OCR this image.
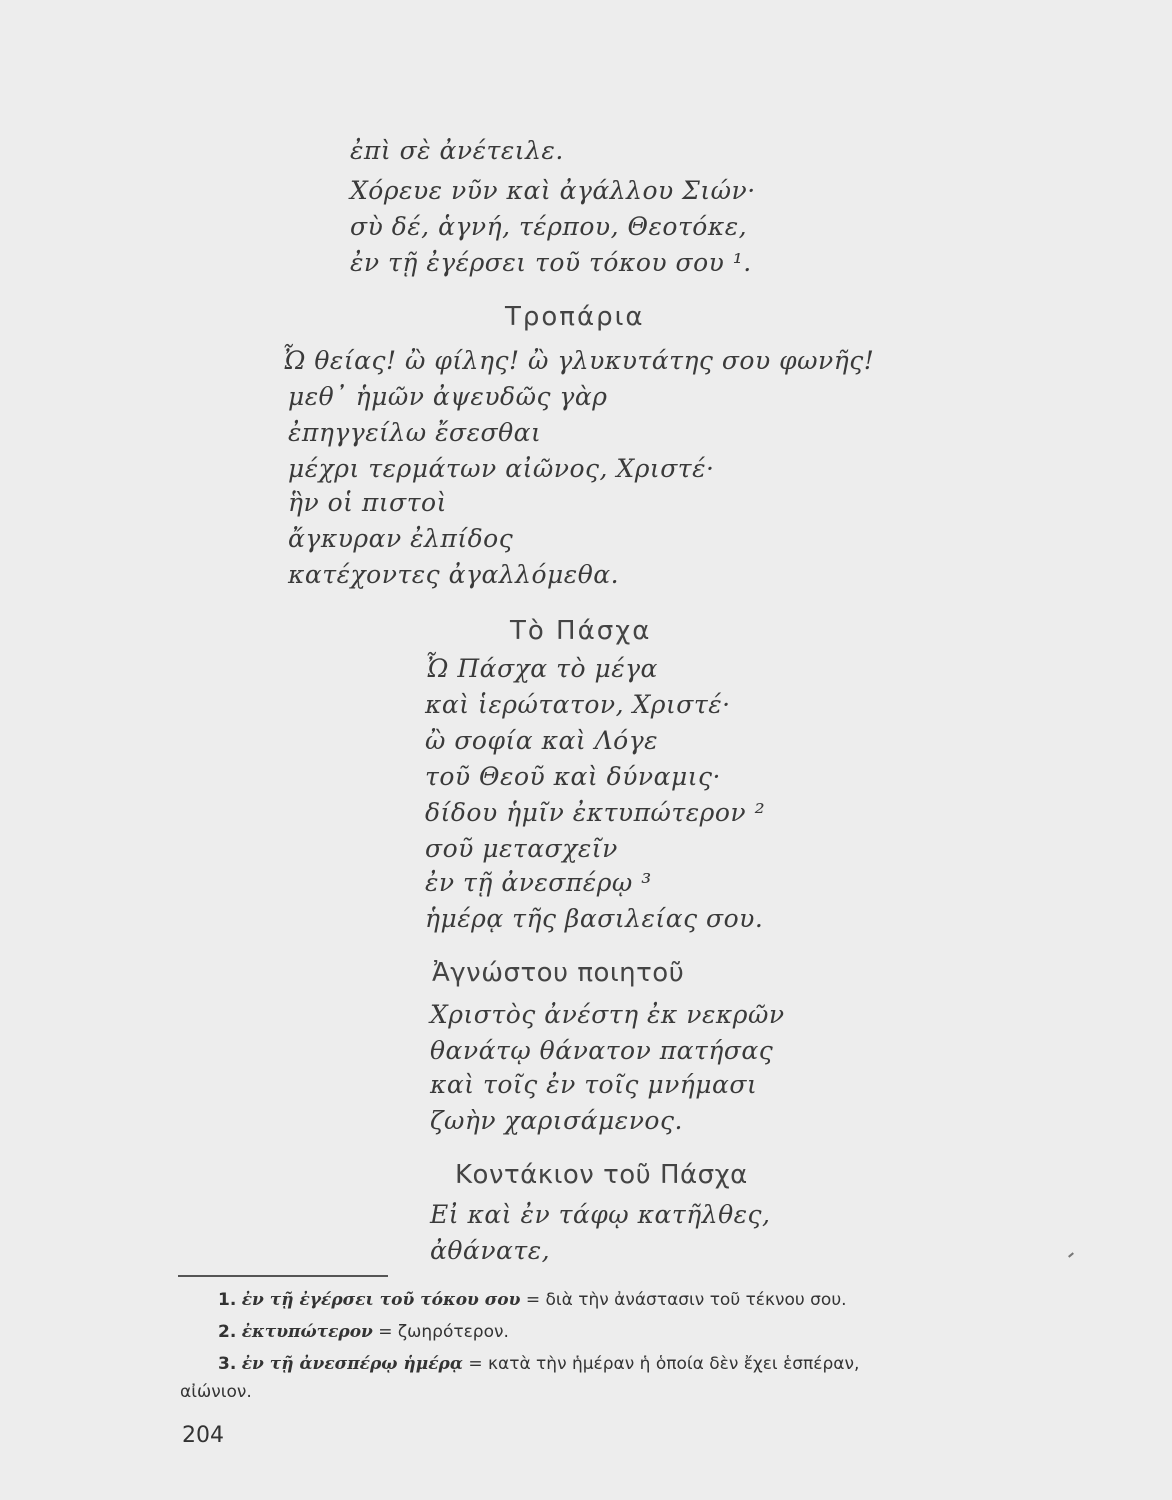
ἐπὶ σὲ ἀνέτειλε.
Χόρευε νῦν καὶ ἀγάλλου Σιών·
σὺ δέ, ἁγνή, τέρπου, Θεοτόκε,
ἐν τῇ ἐγέρσει τοῦ τόκου σου ¹.
Τροπάρια
Ὦ θείας! ὢ φίλης! ὢ γλυκυτάτης σου φωνῆς!
μεθ᾽ ἡμῶν ἀψευδῶς γὰρ
ἐπηγγείλω ἔσεσθαι
μέχρι τερμάτων αἰῶνος, Χριστέ·
ἣν οἱ πιστοὶ
ἄγκυραν ἐλπίδος
κατέχοντες ἀγαλλόμεθα.
Τὸ Πάσχα
Ὦ Πάσχα τὸ μέγα
καὶ ἱερώτατον, Χριστέ·
ὢ σοφία καὶ Λόγε
τοῦ Θεοῦ καὶ δύναμις·
δίδου ἡμῖν ἐκτυπώτερον ²
σοῦ μετασχεῖν
ἐν τῇ ἀνεσπέρῳ ³
ἡμέρᾳ τῆς βασιλείας σου.
Ἀγνώστου ποιητοῦ
Χριστὸς ἀνέστη ἐκ νεκρῶν
θανάτῳ θάνατον πατήσας
καὶ τοῖς ἐν τοῖς μνήμασι
ζωὴν χαρισάμενος.
Κοντάκιον τοῦ Πάσχα
Εἰ καὶ ἐν τάφῳ κατῆλθες,
ἀθάνατε,
1. ἐν τῇ ἐγέρσει τοῦ τόκου σου = διὰ τὴν ἀνάστασιν τοῦ τέκνου σου.
2. ἐκτυπώτερον = ζωηρότερον.
3. ἐν τῇ ἀνεσπέρῳ ἡμέρᾳ = κατὰ τὴν ἡμέραν ἡ ὁποία δὲν ἔχει ἑσπέραν,
αἰώνιον.
204
